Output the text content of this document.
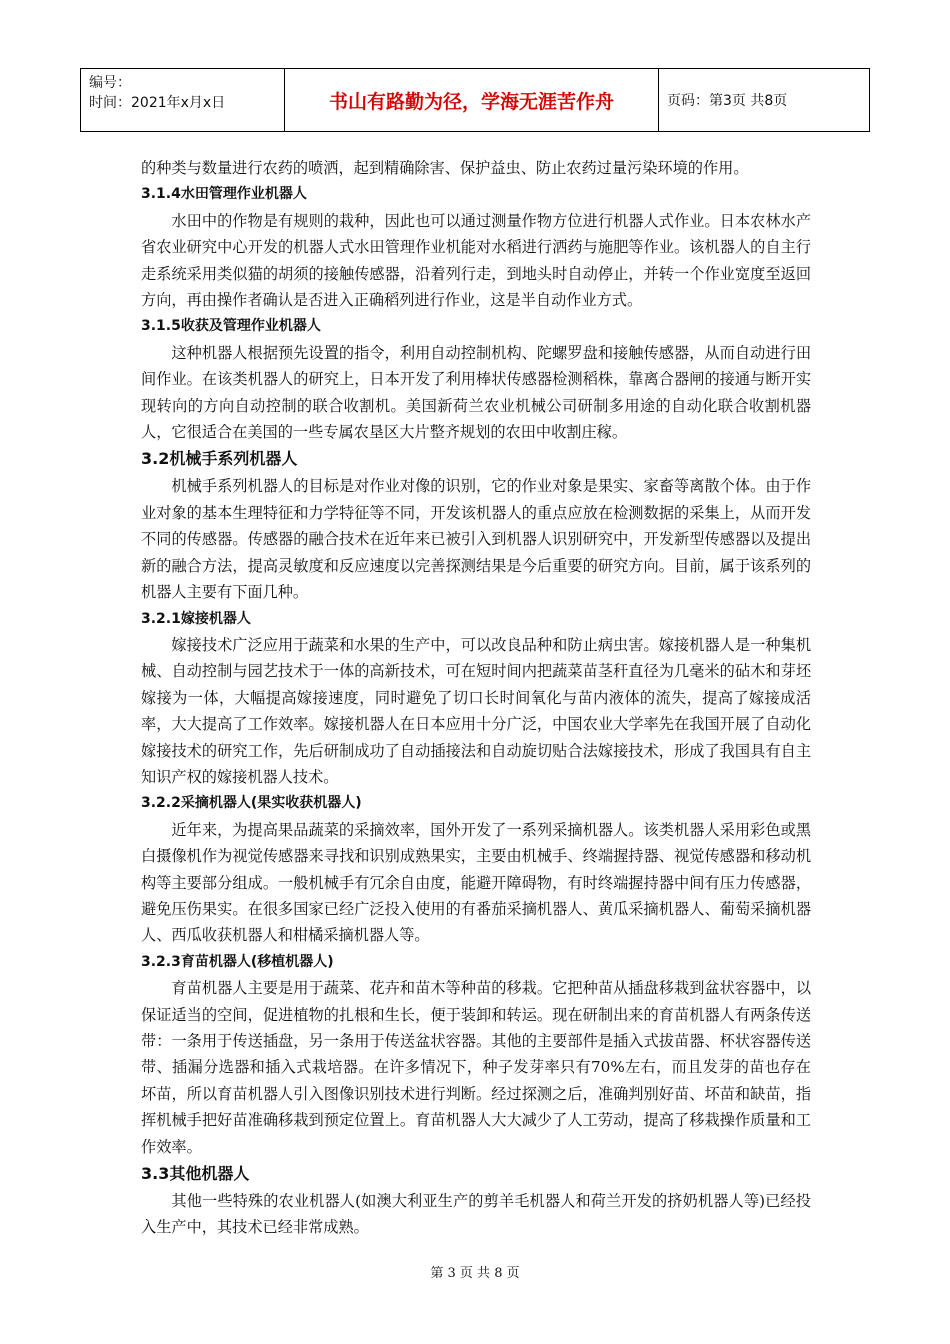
编号：
时间：2021年x月x日	书山有路勤为径，学海无涯苦作舟	页码：第3页 共8页

的种类与数量进行农药的喷洒，起到精确除害、保护益虫、防止农药过量污染环境的作用。

3.1.4水田管理作业机器人

水田中的作物是有规则的栽种，因此也可以通过测量作物方位进行机器人式作业。日本农林水产省农业研究中心开发的机器人式水田管理作业机能对水稻进行洒药与施肥等作业。该机器人的自主行走系统采用类似猫的胡须的接触传感器，沿着列行走，到地头时自动停止，并转一个作业宽度至返回方向，再由操作者确认是否进入正确稻列进行作业，这是半自动作业方式。

3.1.5收获及管理作业机器人

这种机器人根据预先设置的指令，利用自动控制机构、陀螺罗盘和接触传感器，从而自动进行田间作业。在该类机器人的研究上，日本开发了利用棒状传感器检测稻株，靠离合器闸的接通与断开实现转向的方向自动控制的联合收割机。美国新荷兰农业机械公司研制多用途的自动化联合收割机器人，它很适合在美国的一些专属农垦区大片整齐规划的农田中收割庄稼。

3.2机械手系列机器人

机械手系列机器人的目标是对作业对像的识别，它的作业对象是果实、家畜等离散个体。由于作业对象的基本生理特征和力学特征等不同，开发该机器人的重点应放在检测数据的采集上，从而开发不同的传感器。传感器的融合技术在近年来已被引入到机器人识别研究中，开发新型传感器以及提出新的融合方法，提高灵敏度和反应速度以完善探测结果是今后重要的研究方向。目前，属于该系列的机器人主要有下面几种。

3.2.1嫁接机器人

嫁接技术广泛应用于蔬菜和水果的生产中，可以改良品种和防止病虫害。嫁接机器人是一种集机械、自动控制与园艺技术于一体的高新技术，可在短时间内把蔬菜苗茎秆直径为几毫米的砧木和芽坯嫁接为一体，大幅提高嫁接速度，同时避免了切口长时间氧化与苗内液体的流失，提高了嫁接成活率，大大提高了工作效率。嫁接机器人在日本应用十分广泛，中国农业大学率先在我国开展了自动化嫁接技术的研究工作，先后研制成功了自动插接法和自动旋切贴合法嫁接技术，形成了我国具有自主知识产权的嫁接机器人技术。

3.2.2采摘机器人(果实收获机器人)

近年来，为提高果品蔬菜的采摘效率，国外开发了一系列采摘机器人。该类机器人采用彩色或黑白摄像机作为视觉传感器来寻找和识别成熟果实，主要由机械手、终端握持器、视觉传感器和移动机构等主要部分组成。一般机械手有冗余自由度，能避开障碍物，有时终端握持器中间有压力传感器，避免压伤果实。在很多国家已经广泛投入使用的有番茄采摘机器人、黄瓜采摘机器人、葡萄采摘机器人、西瓜收获机器人和柑橘采摘机器人等。

3.2.3育苗机器人(移植机器人)

育苗机器人主要是用于蔬菜、花卉和苗木等种苗的移栽。它把种苗从插盘移栽到盆状容器中，以保证适当的空间，促进植物的扎根和生长，便于装卸和转运。现在研制出来的育苗机器人有两条传送带：一条用于传送插盘，另一条用于传送盆状容器。其他的主要部件是插入式拔苗器、杯状容器传送带、插漏分选器和插入式栽培器。在许多情况下，种子发芽率只有70%左右，而且发芽的苗也存在坏苗，所以育苗机器人引入图像识别技术进行判断。经过探测之后，准确判别好苗、坏苗和缺苗，指挥机械手把好苗准确移栽到预定位置上。育苗机器人大大减少了人工劳动，提高了移栽操作质量和工作效率。

3.3其他机器人

其他一些特殊的农业机器人(如澳大利亚生产的剪羊毛机器人和荷兰开发的挤奶机器人等)已经投入生产中，其技术已经非常成熟。

第 3 页 共 8 页
